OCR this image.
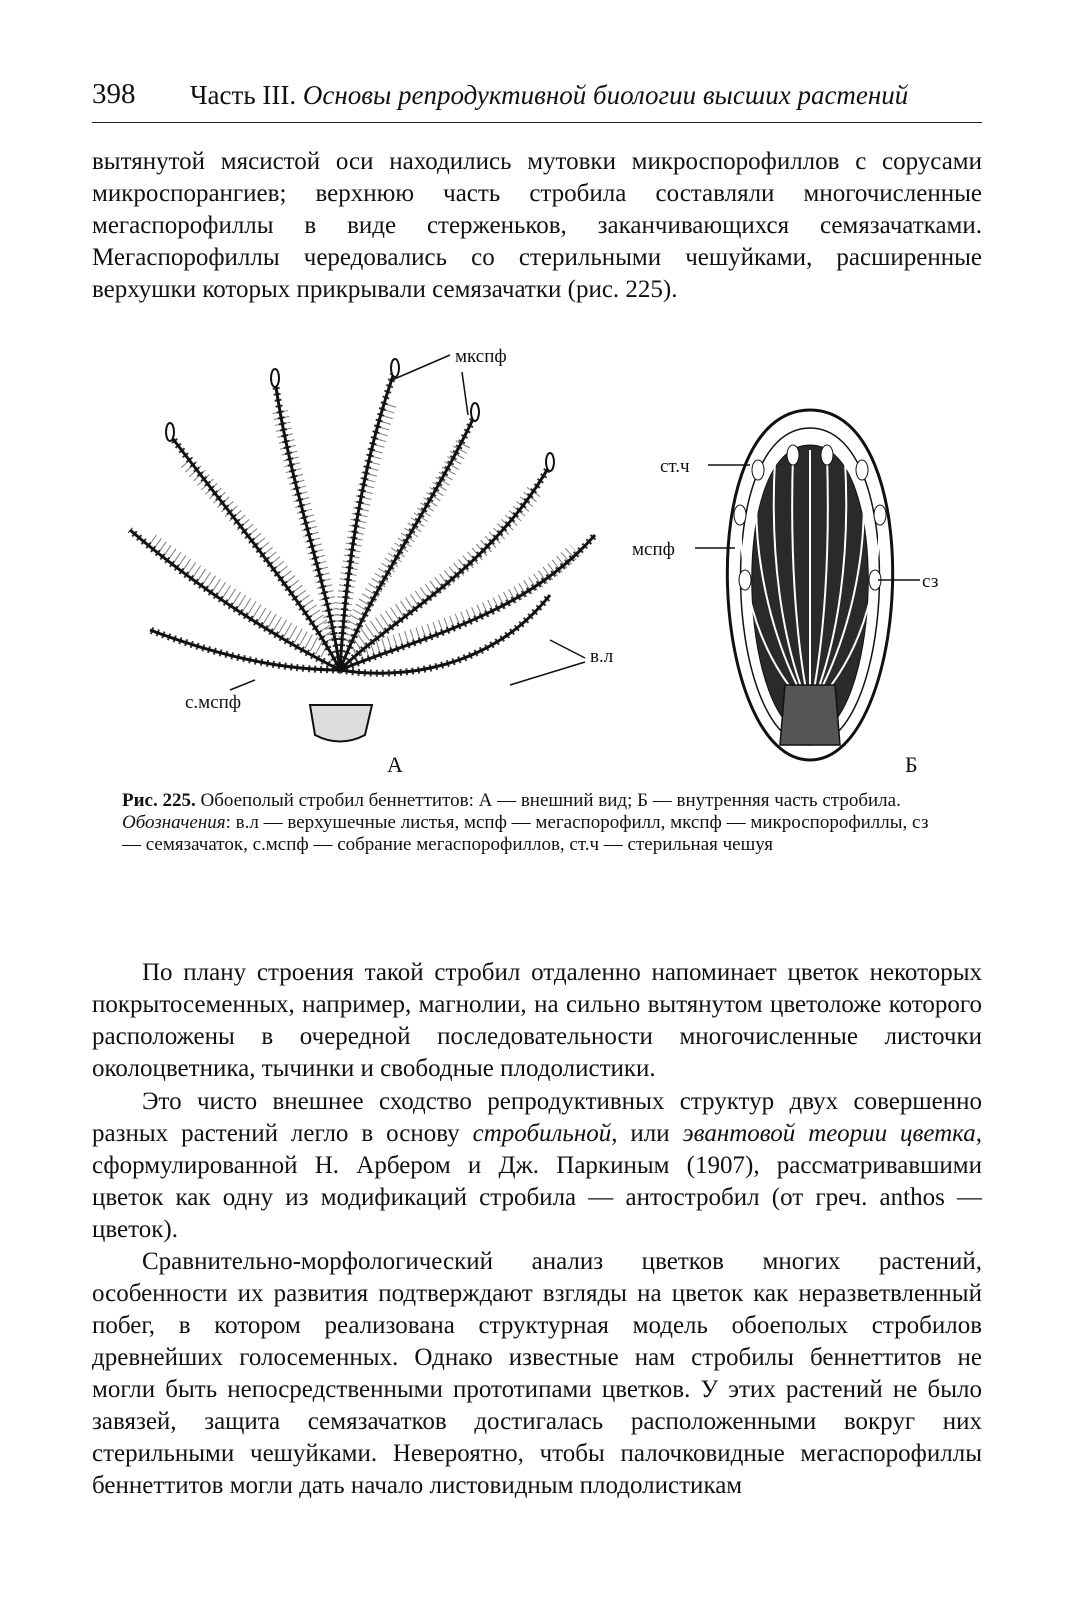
398 Часть III. Основы репродуктивной биологии высших растений

вытянутой мясистой оси находились мутовки микроспорофиллов с сорусами микроспорангиев; верхнюю часть стробила составляли многочисленные мегаспорофиллы в виде стерженьков, заканчивающихся семязачатками. Мегаспорофиллы чередовались со стерильными чешуйками, расширенные верхушки которых прикрывали семязачатки (рис. 225).

мкспф
в.л
с.мспф
А
ст.ч
мспф
сз
Б
Рис. 225. Обоеполый стробил беннеттитов: А — внешний вид; Б — внутренняя часть стробила.
Обозначения: в.л — верхушечные листья, мспф — мегаспорофилл, мкспф — микроспорофиллы, сз — семязачаток, с.мспф — собрание мегаспорофиллов, ст.ч — стерильная чешуя

По плану строения такой стробил отдаленно напоминает цветок некоторых покрытосеменных, например, магнолии, на сильно вытянутом цветоложе которого расположены в очередной последовательности многочисленные листочки околоцветника, тычинки и свободные плодолистики.

Это чисто внешнее сходство репродуктивных структур двух совершенно разных растений легло в основу стробильной, или эвантовой теории цветка, сформулированной Н. Арбером и Дж. Паркиным (1907), рассматривавшими цветок как одну из модификаций стробила — антостробил (от греч. anthos — цветок).

Сравнительно-морфологический анализ цветков многих растений, особенности их развития подтверждают взгляды на цветок как неразветвленный побег, в котором реализована структурная модель обоеполых стробилов древнейших голосеменных. Однако известные нам стробилы беннеттитов не могли быть непосредственными прототипами цветков. У этих растений не было завязей, защита семязачатков достигалась расположенными вокруг них стерильными чешуйками. Невероятно, чтобы палочковидные мегаспорофиллы беннеттитов могли дать начало листовидным плодолистикам
